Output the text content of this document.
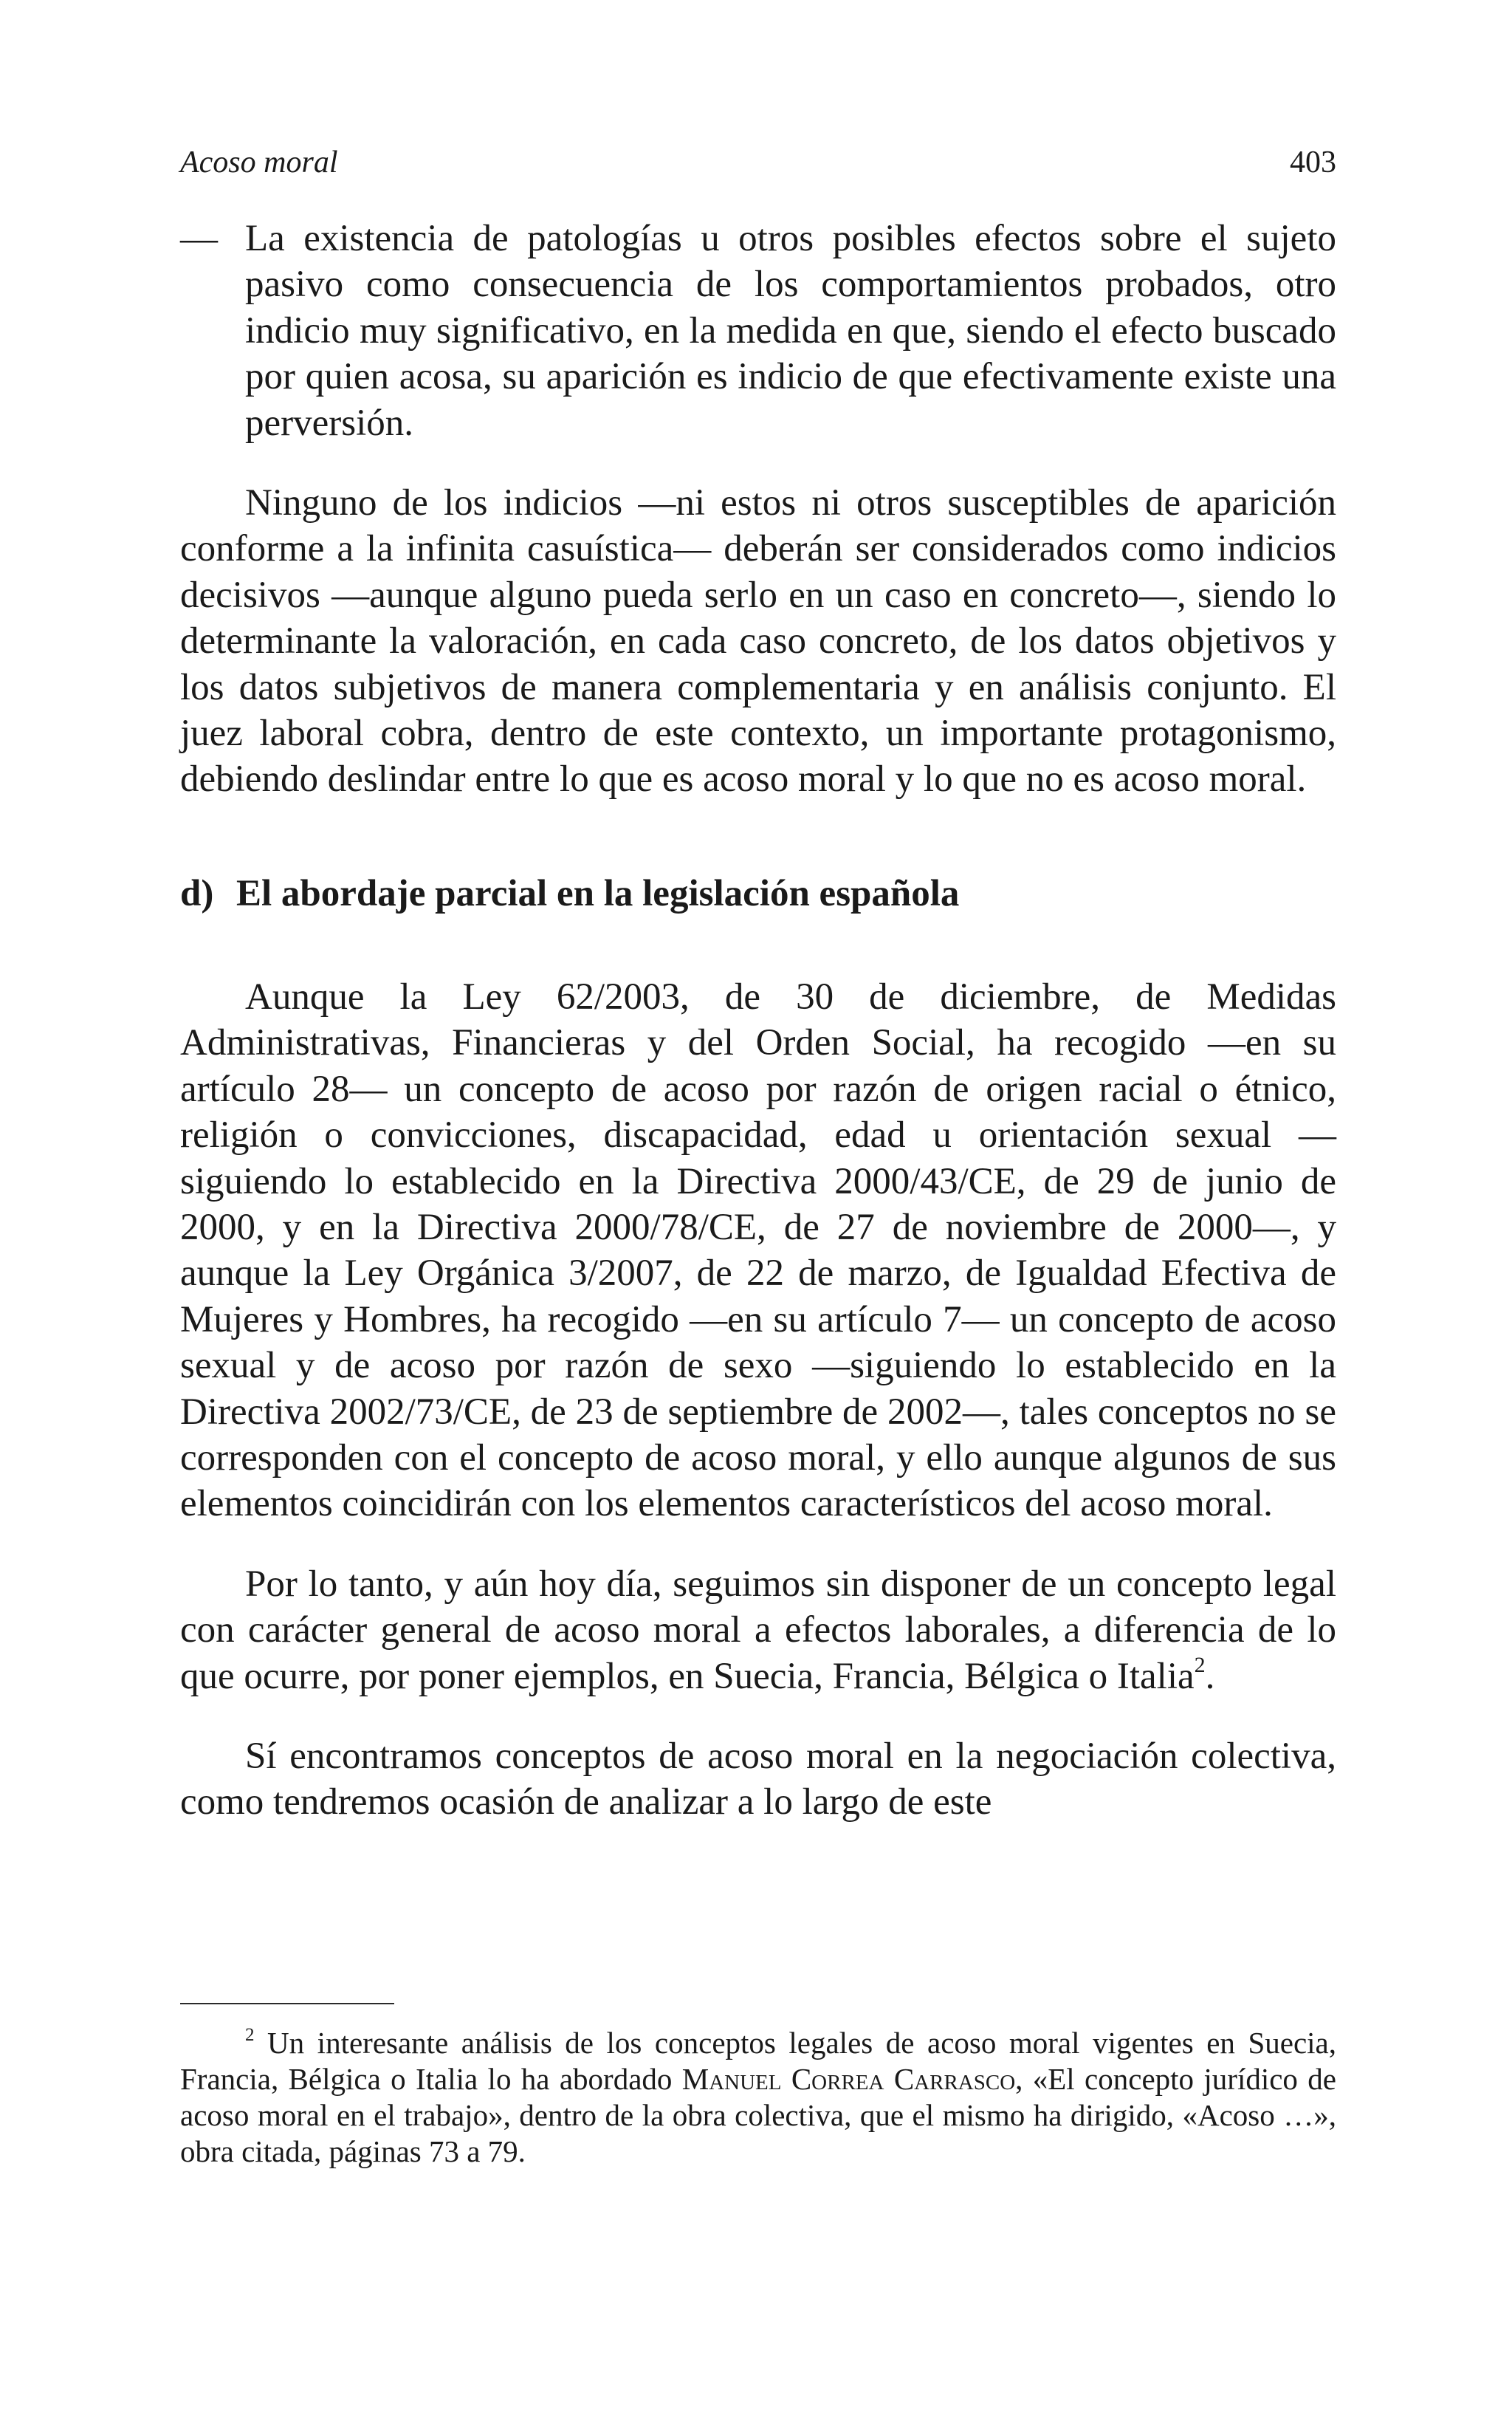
Acoso moral	403
— La existencia de patologías u otros posibles efectos sobre el sujeto pasivo como consecuencia de los comportamientos probados, otro indicio muy significativo, en la medida en que, siendo el efecto buscado por quien acosa, su aparición es indicio de que efectivamente existe una perversión.

Ninguno de los indicios —ni estos ni otros susceptibles de aparición conforme a la infinita casuística— deberán ser considerados como indicios decisivos —aunque alguno pueda serlo en un caso en concreto—, siendo lo determinante la valoración, en cada caso concreto, de los datos objetivos y los datos subjetivos de manera complementaria y en análisis conjunto. El juez laboral cobra, dentro de este contexto, un importante protagonismo, debiendo deslindar entre lo que es acoso moral y lo que no es acoso moral.

d) El abordaje parcial en la legislación española

Aunque la Ley 62/2003, de 30 de diciembre, de Medidas Administrativas, Financieras y del Orden Social, ha recogido —en su artículo 28— un concepto de acoso por razón de origen racial o étnico, religión o convicciones, discapacidad, edad u orientación sexual — siguiendo lo establecido en la Directiva 2000/43/CE, de 29 de junio de 2000, y en la Directiva 2000/78/CE, de 27 de noviembre de 2000—, y aunque la Ley Orgánica 3/2007, de 22 de marzo, de Igualdad Efectiva de Mujeres y Hombres, ha recogido —en su artículo 7— un concepto de acoso sexual y de acoso por razón de sexo —siguiendo lo establecido en la Directiva 2002/73/CE, de 23 de septiembre de 2002—, tales conceptos no se corresponden con el concepto de acoso moral, y ello aunque algunos de sus elementos coincidirán con los elementos característicos del acoso moral.

Por lo tanto, y aún hoy día, seguimos sin disponer de un concepto legal con carácter general de acoso moral a efectos laborales, a diferencia de lo que ocurre, por poner ejemplos, en Suecia, Francia, Bélgica o Italia$^2$.

Sí encontramos conceptos de acoso moral en la negociación colectiva, como tendremos ocasión de analizar a lo largo de este

$^2$ Un interesante análisis de los conceptos legales de acoso moral vigentes en Suecia, Francia, Bélgica o Italia lo ha abordado Manuel Correa Carrasco, «El concepto jurídico de acoso moral en el trabajo», dentro de la obra colectiva, que el mismo ha dirigido, «Acoso …», obra citada, páginas 73 a 79.
